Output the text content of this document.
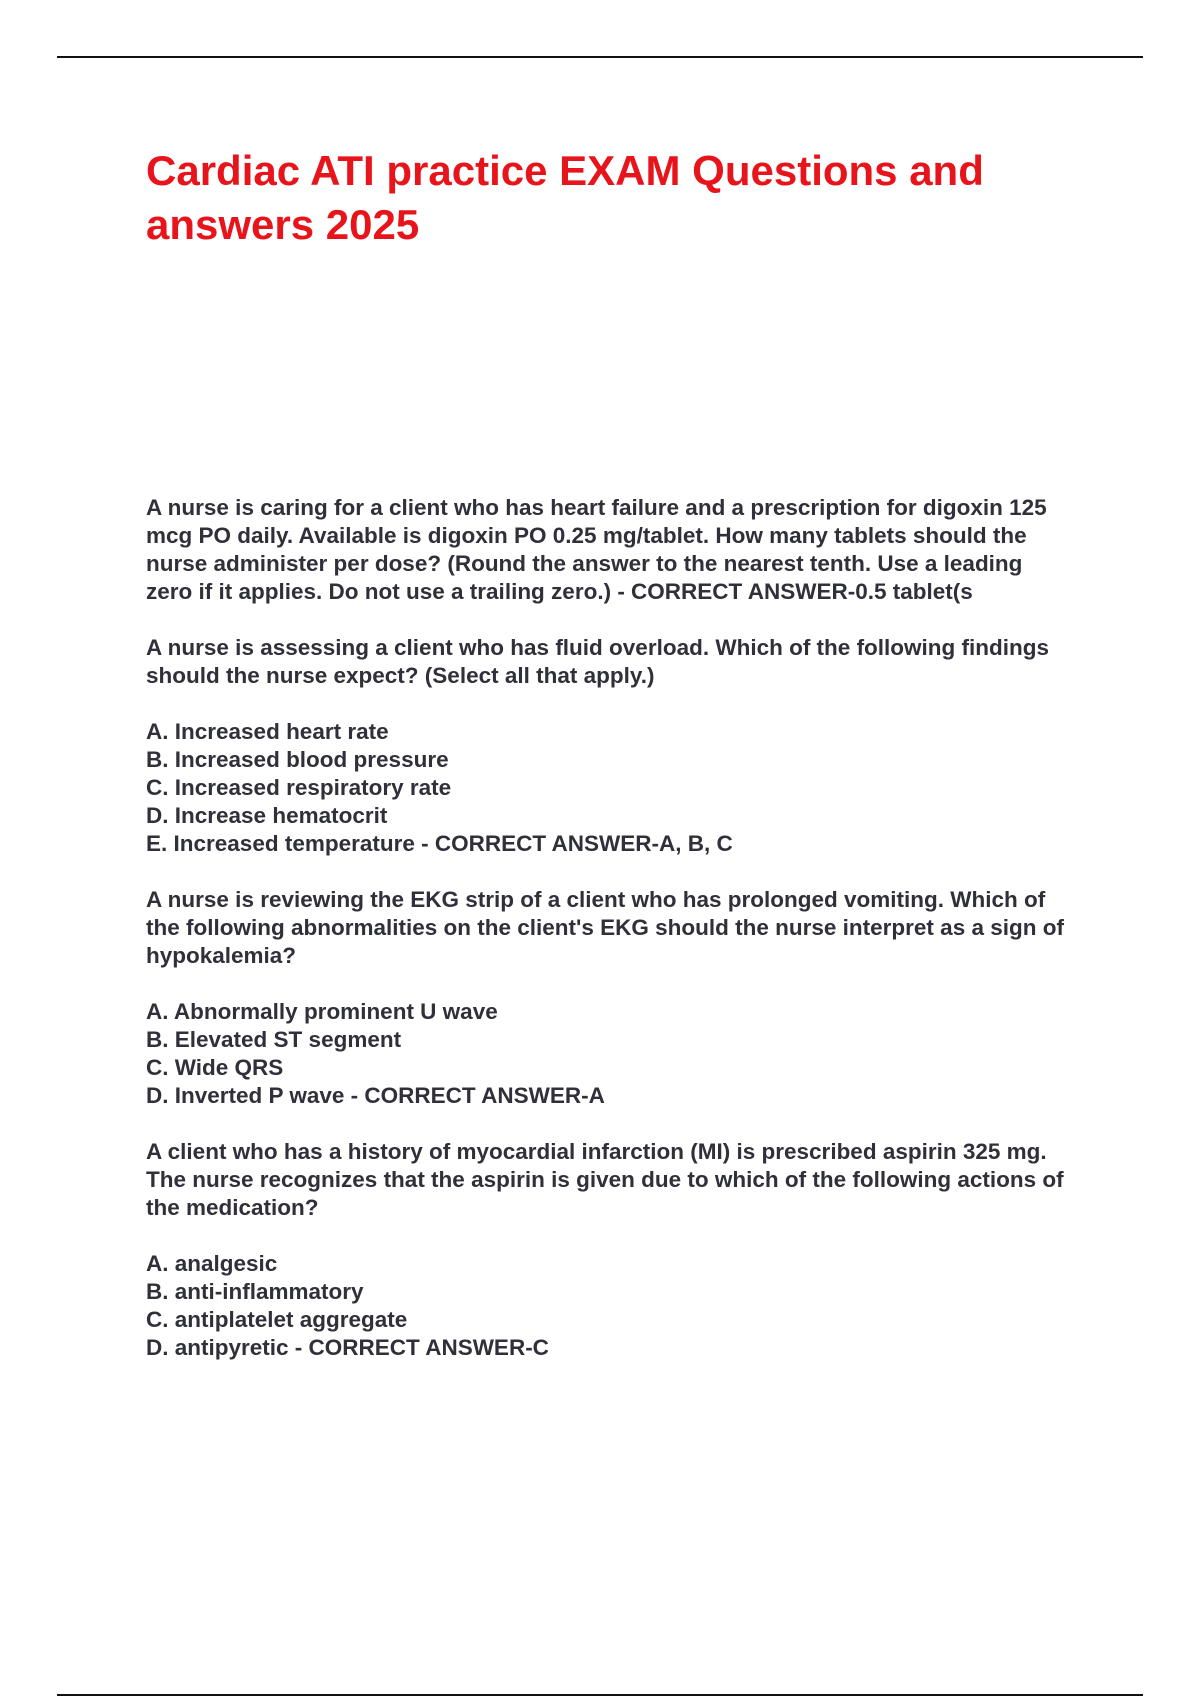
Cardiac ATI practice EXAM Questions and answers 2025

A nurse is caring for a client who has heart failure and a prescription for digoxin 125 mcg PO daily. Available is digoxin PO 0.25 mg/tablet. How many tablets should the nurse administer per dose? (Round the answer to the nearest tenth. Use a leading zero if it applies. Do not use a trailing zero.) - CORRECT ANSWER-0.5 tablet(s

A nurse is assessing a client who has fluid overload. Which of the following findings should the nurse expect? (Select all that apply.)

A. Increased heart rate
B. Increased blood pressure
C. Increased respiratory rate
D. Increase hematocrit
E. Increased temperature - CORRECT ANSWER-A, B, C

A nurse is reviewing the EKG strip of a client who has prolonged vomiting. Which of the following abnormalities on the client's EKG should the nurse interpret as a sign of hypokalemia?

A. Abnormally prominent U wave
B. Elevated ST segment
C. Wide QRS
D. Inverted P wave - CORRECT ANSWER-A

A client who has a history of myocardial infarction (MI) is prescribed aspirin 325 mg. The nurse recognizes that the aspirin is given due to which of the following actions of the medication?

A. analgesic
B. anti-inflammatory
C. antiplatelet aggregate
D. antipyretic - CORRECT ANSWER-C
